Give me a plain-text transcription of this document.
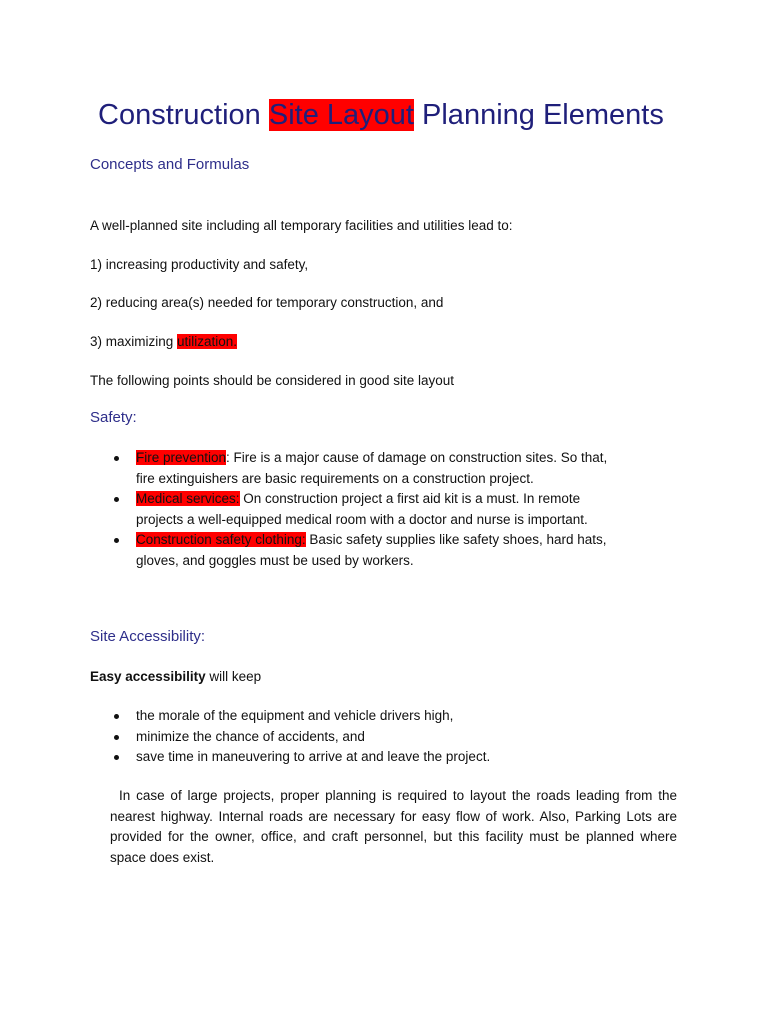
Construction Site Layout Planning Elements
Concepts and Formulas

A well-planned site including all temporary facilities and utilities lead to:

1) increasing productivity and safety,

2) reducing area(s) needed for temporary construction, and

3) maximizing utilization.

The following points should be considered in good site layout

Safety:
Fire prevention: Fire is a major cause of damage on construction sites. So that,
fire extinguishers are basic requirements on a construction project.
Medical services: On construction project a first aid kit is a must. In remote
projects a well-equipped medical room with a doctor and nurse is important.
Construction safety clothing: Basic safety supplies like safety shoes, hard hats,
gloves, and goggles must be used by workers.
Site Accessibility:

Easy accessibility will keep

the morale of the equipment and vehicle drivers high,
minimize the chance of accidents, and
save time in maneuvering to arrive at and leave the project.

In case of large projects, proper planning is required to layout the roads leading from the nearest highway. Internal roads are necessary for easy flow of work. Also, Parking Lots are provided for the owner, office, and craft personnel, but this facility must be planned where space does exist.
